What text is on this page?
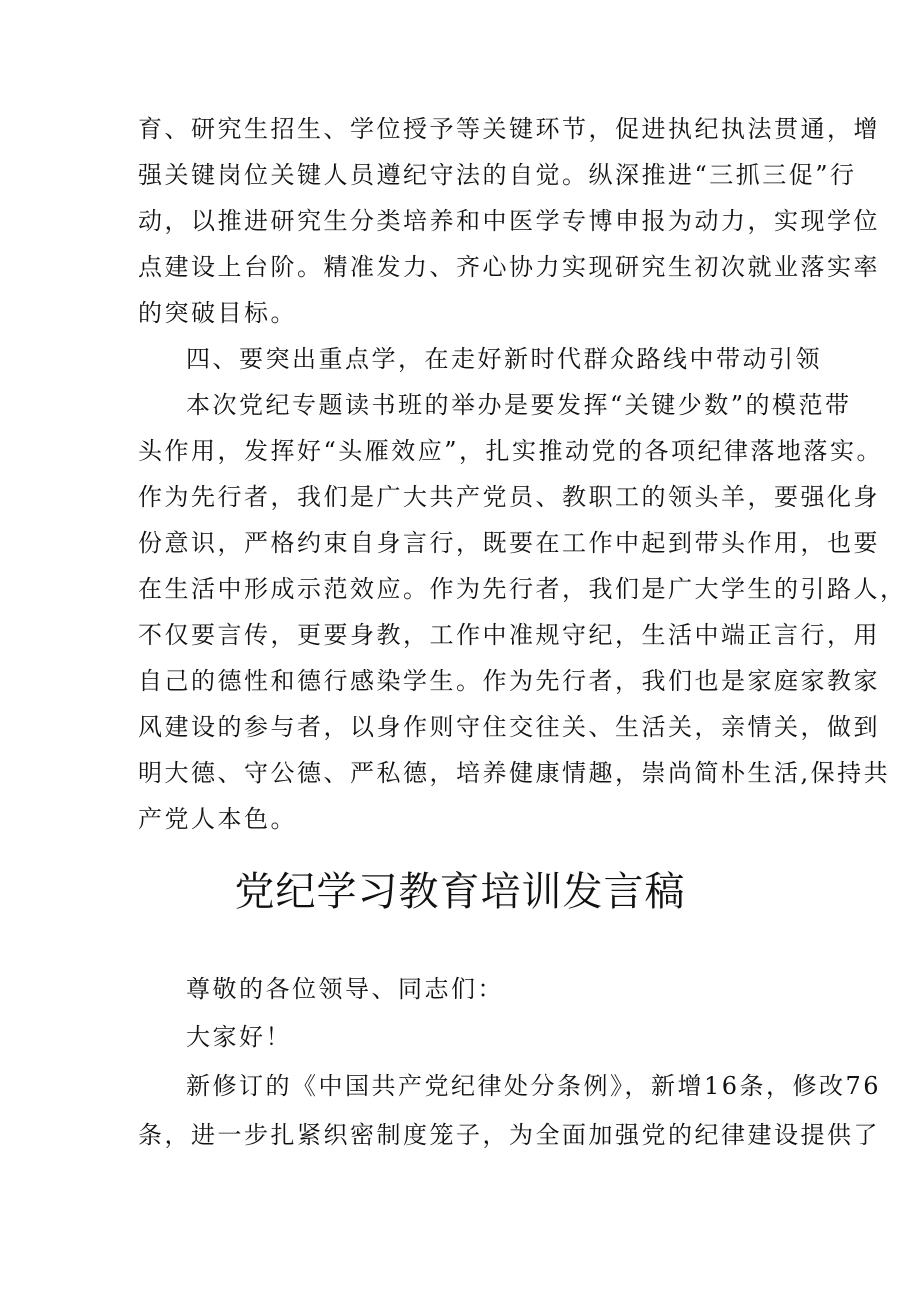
育、研究生招生、学位授予等关键环节，促进执纪执法贯通，增
强关键岗位关键人员遵纪守法的自觉。纵深推进“三抓三促”行
动，以推进研究生分类培养和中医学专博申报为动力，实现学位
点建设上台阶。精准发力、齐心协力实现研究生初次就业落实率
的突破目标。
四、要突出重点学，在走好新时代群众路线中带动引领
本次党纪专题读书班的举办是要发挥“关键少数”的模范带
头作用，发挥好“头雁效应”，扎实推动党的各项纪律落地落实。
作为先行者，我们是广大共产党员、教职工的领头羊，要强化身
份意识，严格约束自身言行，既要在工作中起到带头作用，也要
在生活中形成示范效应。作为先行者，我们是广大学生的引路人，
不仅要言传，更要身教，工作中准规守纪，生活中端正言行，用
自己的德性和德行感染学生。作为先行者，我们也是家庭家教家
风建设的参与者，以身作则守住交往关、生活关，亲情关，做到
明大德、守公德、严私德，培养健康情趣，崇尚简朴生活,保持共
产党人本色。
党纪学习教育培训发言稿
尊敬的各位领导、同志们：
大家好！
新修订的《中国共产党纪律处分条例》，新增16条，修改76
条，进一步扎紧织密制度笼子，为全面加强党的纪律建设提供了
